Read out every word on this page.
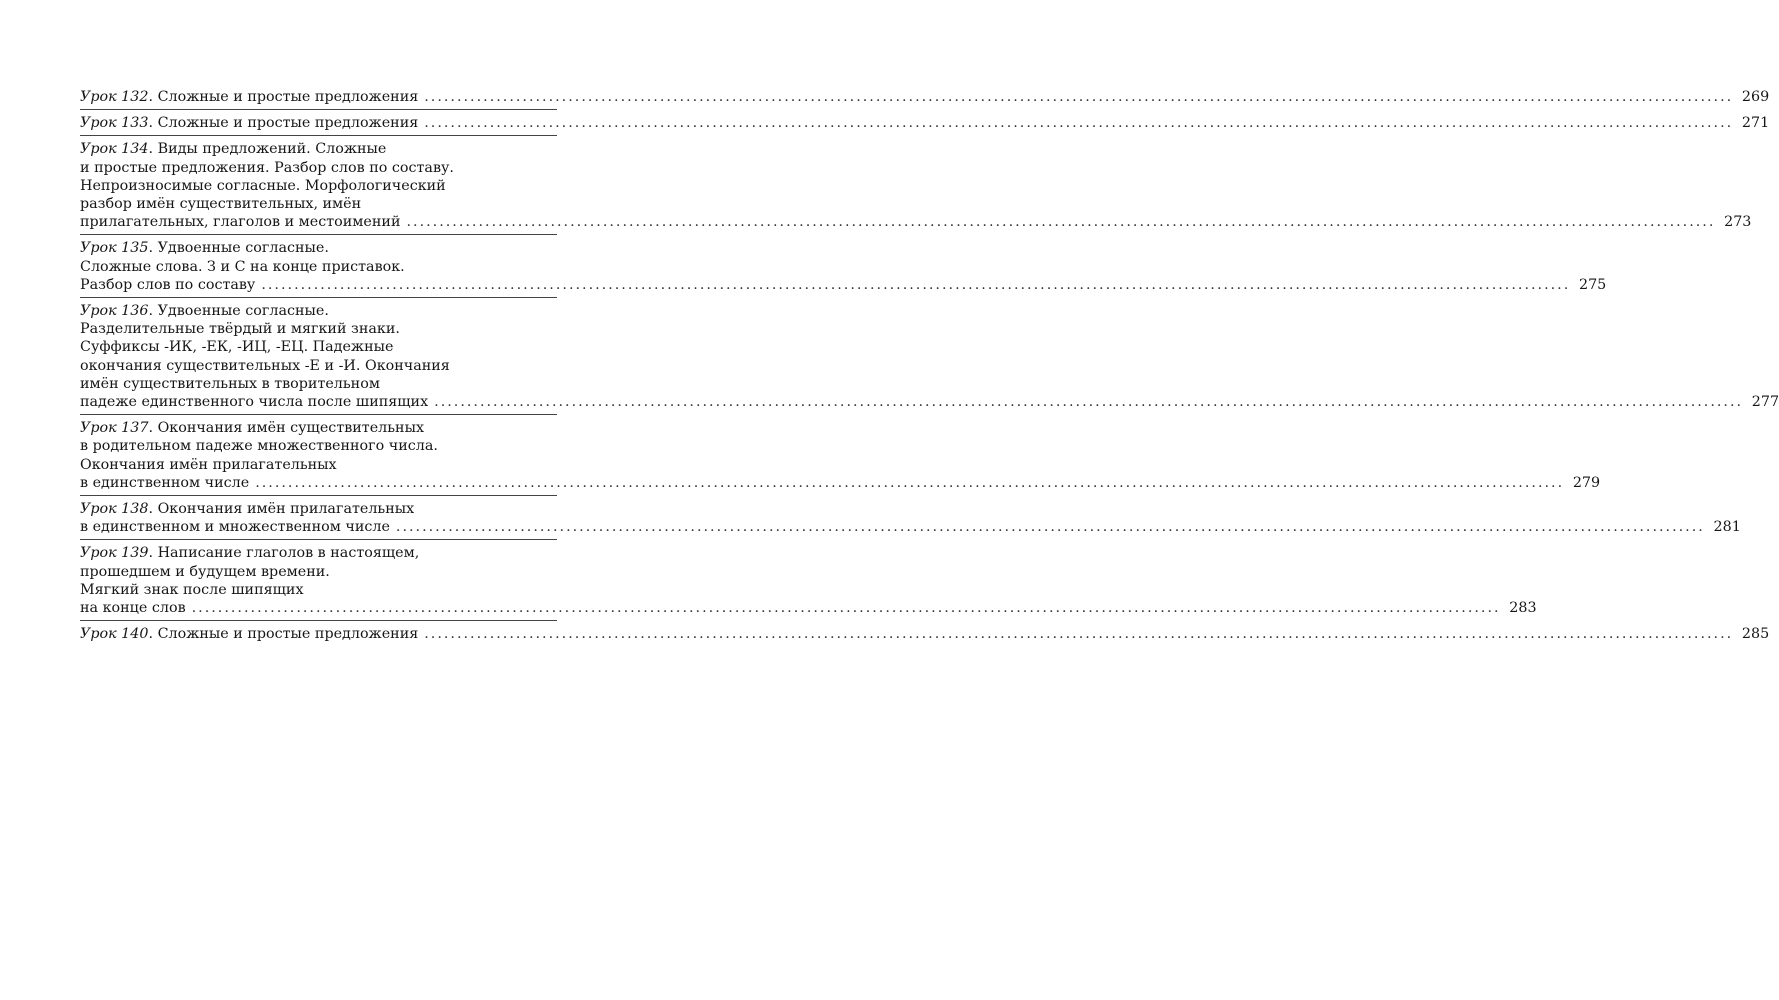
Урок 132. Сложные и простые предложения ........................................................................................................................................................................................................ 269
Урок 133. Сложные и простые предложения ........................................................................................................................................................................................................ 271
Урок 134. Виды предложений. Сложные
и простые предложения. Разбор слов по составу.
Непроизносимые согласные. Морфологический
разбор имён существительных, имён
прилагательных, глаголов и местоимений ........................................................................................................................................................................................................ 273
Урок 135. Удвоенные согласные.
Сложные слова. З и С на конце приставок.
Разбор слов по составу ........................................................................................................................................................................................................ 275
Урок 136. Удвоенные согласные.
Разделительные твёрдый и мягкий знаки.
Суффиксы -ИК, -ЕК, -ИЦ, -ЕЦ. Падежные
окончания существительных -Е и -И. Окончания
имён существительных в творительном
падеже единственного числа после шипящих ........................................................................................................................................................................................................ 277
Урок 137. Окончания имён существительных
в родительном падеже множественного числа.
Окончания имён прилагательных
в единственном числе ........................................................................................................................................................................................................ 279
Урок 138. Окончания имён прилагательных
в единственном и множественном числе ........................................................................................................................................................................................................ 281
Урок 139. Написание глаголов в настоящем,
прошедшем и будущем времени.
Мягкий знак после шипящих
на конце слов ........................................................................................................................................................................................................ 283
Урок 140. Сложные и простые предложения ........................................................................................................................................................................................................ 285
